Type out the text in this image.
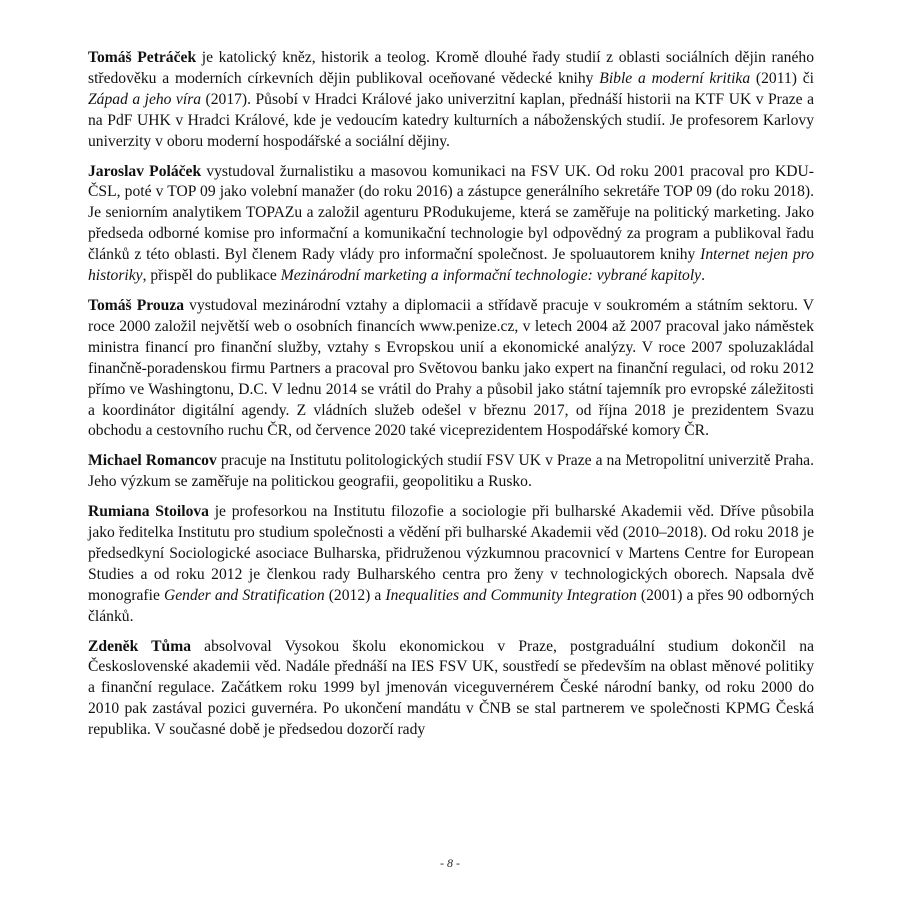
Tomáš Petráček je katolický kněz, historik a teolog. Kromě dlouhé řady studií z oblasti sociálních dějin raného středověku a moderních církevních dějin publikoval oceňované vědecké knihy Bible a moderní kritika (2011) či Západ a jeho víra (2017). Působí v Hradci Králové jako univerzitní kaplan, přednáší historii na KTF UK v Praze a na PdF UHK v Hradci Králové, kde je vedoucím katedry kulturních a náboženských studií. Je profesorem Karlovy univerzity v oboru moderní hospodářské a sociální dějiny.

Jaroslav Poláček vystudoval žurnalistiku a masovou komunikaci na FSV UK. Od roku 2001 pracoval pro KDU-ČSL, poté v TOP 09 jako volební manažer (do roku 2016) a zástupce generálního sekretáře TOP 09 (do roku 2018). Je seniorním analytikem TOPAZu a založil agenturu PRodukujeme, která se zaměřuje na politický marketing. Jako předseda odborné komise pro informační a komunikační technologie byl odpovědný za program a publikoval řadu článků z této oblasti. Byl členem Rady vlády pro informační společnost. Je spoluautorem knihy Internet nejen pro historiky, přispěl do publikace Mezinárodní marketing a informační technologie: vybrané kapitoly.

Tomáš Prouza vystudoval mezinárodní vztahy a diplomacii a střídavě pracuje v soukromém a státním sektoru. V roce 2000 založil největší web o osobních financích www.penize.cz, v letech 2004 až 2007 pracoval jako náměstek ministra financí pro finanční služby, vztahy s Evropskou unií a ekonomické analýzy. V roce 2007 spoluzakládal finančně-poradenskou firmu Partners a pracoval pro Světovou banku jako expert na finanční regulaci, od roku 2012 přímo ve Washingtonu, D.C. V lednu 2014 se vrátil do Prahy a působil jako státní tajemník pro evropské záležitosti a koordinátor digitální agendy. Z vládních služeb odešel v březnu 2017, od října 2018 je prezidentem Svazu obchodu a cestovního ruchu ČR, od července 2020 také viceprezidentem Hospodářské komory ČR.

Michael Romancov pracuje na Institutu politologických studií FSV UK v Praze a na Metropolitní univerzitě Praha. Jeho výzkum se zaměřuje na politickou geografii, geopolitiku a Rusko.

Rumiana Stoilova je profesorkou na Institutu filozofie a sociologie při bulharské Akademii věd. Dříve působila jako ředitelka Institutu pro studium společnosti a vědění při bulharské Akademii věd (2010–2018). Od roku 2018 je předsedkyní Sociologické asociace Bulharska, přidruženou výzkumnou pracovnicí v Martens Centre for European Studies a od roku 2012 je členkou rady Bulharského centra pro ženy v technologických oborech. Napsala dvě monografie Gender and Stratification (2012) a Inequalities and Community Integration (2001) a přes 90 odborných článků.

Zdeněk Tůma absolvoval Vysokou školu ekonomickou v Praze, postgraduální studium dokončil na Československé akademii věd. Nadále přednáší na IES FSV UK, soustředí se především na oblast měnové politiky a finanční regulace. Začátkem roku 1999 byl jmenován viceguvernérem České národní banky, od roku 2000 do 2010 pak zastával pozici guvernéra. Po ukončení mandátu v ČNB se stal partnerem ve společnosti KPMG Česká republika. V současné době je předsedou dozorčí rady

- 8 -
